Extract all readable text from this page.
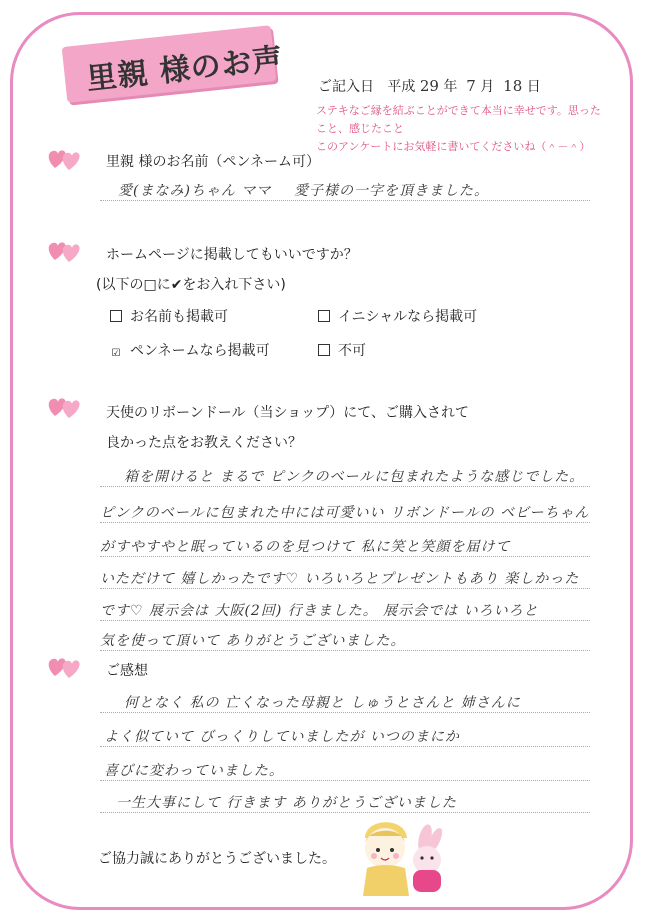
里親 様のお声 ご記入日 平成 29 年 7 月 18 日
ステキなご縁を結ぶことができて本当に幸せです。思ったこと、感じたこと
このアンケートにお気軽に書いてくださいね（＾－＾）
里親 様のお名前（ペンネーム可）
愛(まなみ)ちゃん ママ 愛子様の一字を頂きました。
ホームページに掲載してもいいですか？
(以下の□に✔をお入れ下さい)
お名前も掲載可	イニシャルなら掲載可
☑ ペンネームなら掲載可	不可
天使のリボーンドール（当ショップ）にて、ご購入されて
良かった点をお教えください？
箱を開けると まるで ピンクのベールに包まれたような感じでした。
ピンクのベールに包まれた中には可愛いい リボンドールの ベビーちゃん
がすやすやと眠っているのを見つけて 私に笑と笑顔を届けて
いただけて 嬉しかったです♡ いろいろとプレゼントもあり 楽しかった
です♡ 展示会は 大阪(2回) 行きました。 展示会では いろいろと
気を使って頂いて ありがとうございました。
ご感想
何となく 私の 亡くなった母親と しゅうとさんと 姉さんに
よく似ていて びっくりしていましたが いつのまにか
喜びに変わっていました。
一生大事にして 行きます ありがとうございました
ご協力誠にありがとうございました。
